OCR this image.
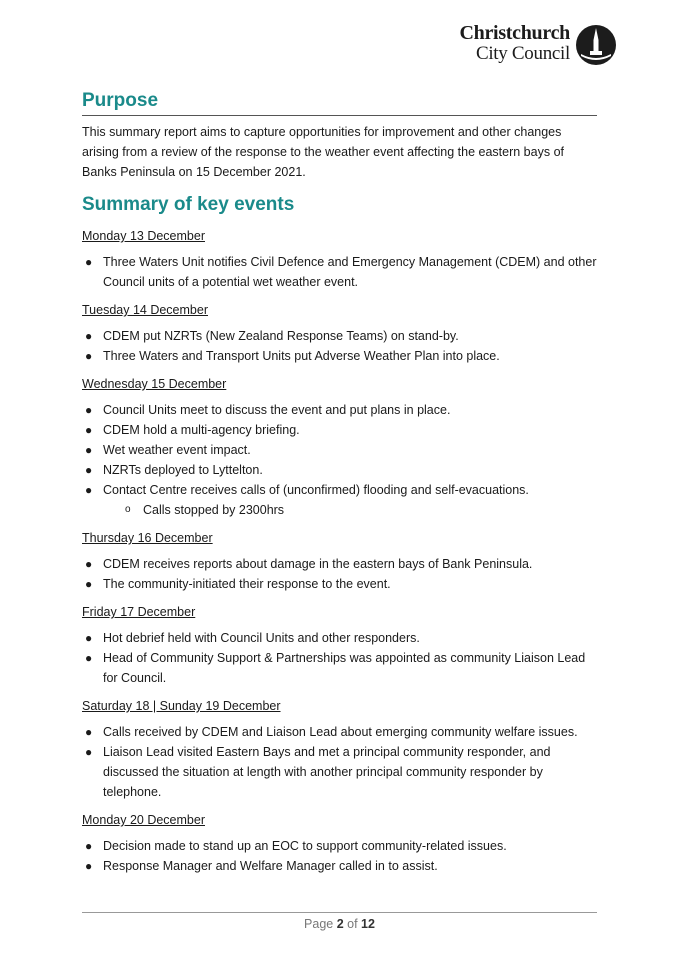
Christchurch
City Council
Purpose

This summary report aims to capture opportunities for improvement and other changes arising from a review of the response to the weather event affecting the eastern bays of Banks Peninsula on 15 December 2021.

Summary of key events
Monday 13 December
● Three Waters Unit notifies Civil Defence and Emergency Management (CDEM) and other Council units of a potential wet weather event.
Tuesday 14 December
● CDEM put NZRTs (New Zealand Response Teams) on stand-by.
● Three Waters and Transport Units put Adverse Weather Plan into place.
Wednesday 15 December
● Council Units meet to discuss the event and put plans in place.
● CDEM hold a multi-agency briefing.
● Wet weather event impact.
● NZRTs deployed to Lyttelton.
● Contact Centre receives calls of (unconfirmed) flooding and self-evacuations.
o Calls stopped by 2300hrs
Thursday 16 December
● CDEM receives reports about damage in the eastern bays of Bank Peninsula.
● The community-initiated their response to the event.
Friday 17 December
● Hot debrief held with Council Units and other responders.
● Head of Community Support & Partnerships was appointed as community Liaison Lead for Council.
Saturday 18 | Sunday 19 December
● Calls received by CDEM and Liaison Lead about emerging community welfare issues.
● Liaison Lead visited Eastern Bays and met a principal community responder, and discussed the situation at length with another principal community responder by telephone.
Monday 20 December
● Decision made to stand up an EOC to support community-related issues.
● Response Manager and Welfare Manager called in to assist.
Page 2 of 12
